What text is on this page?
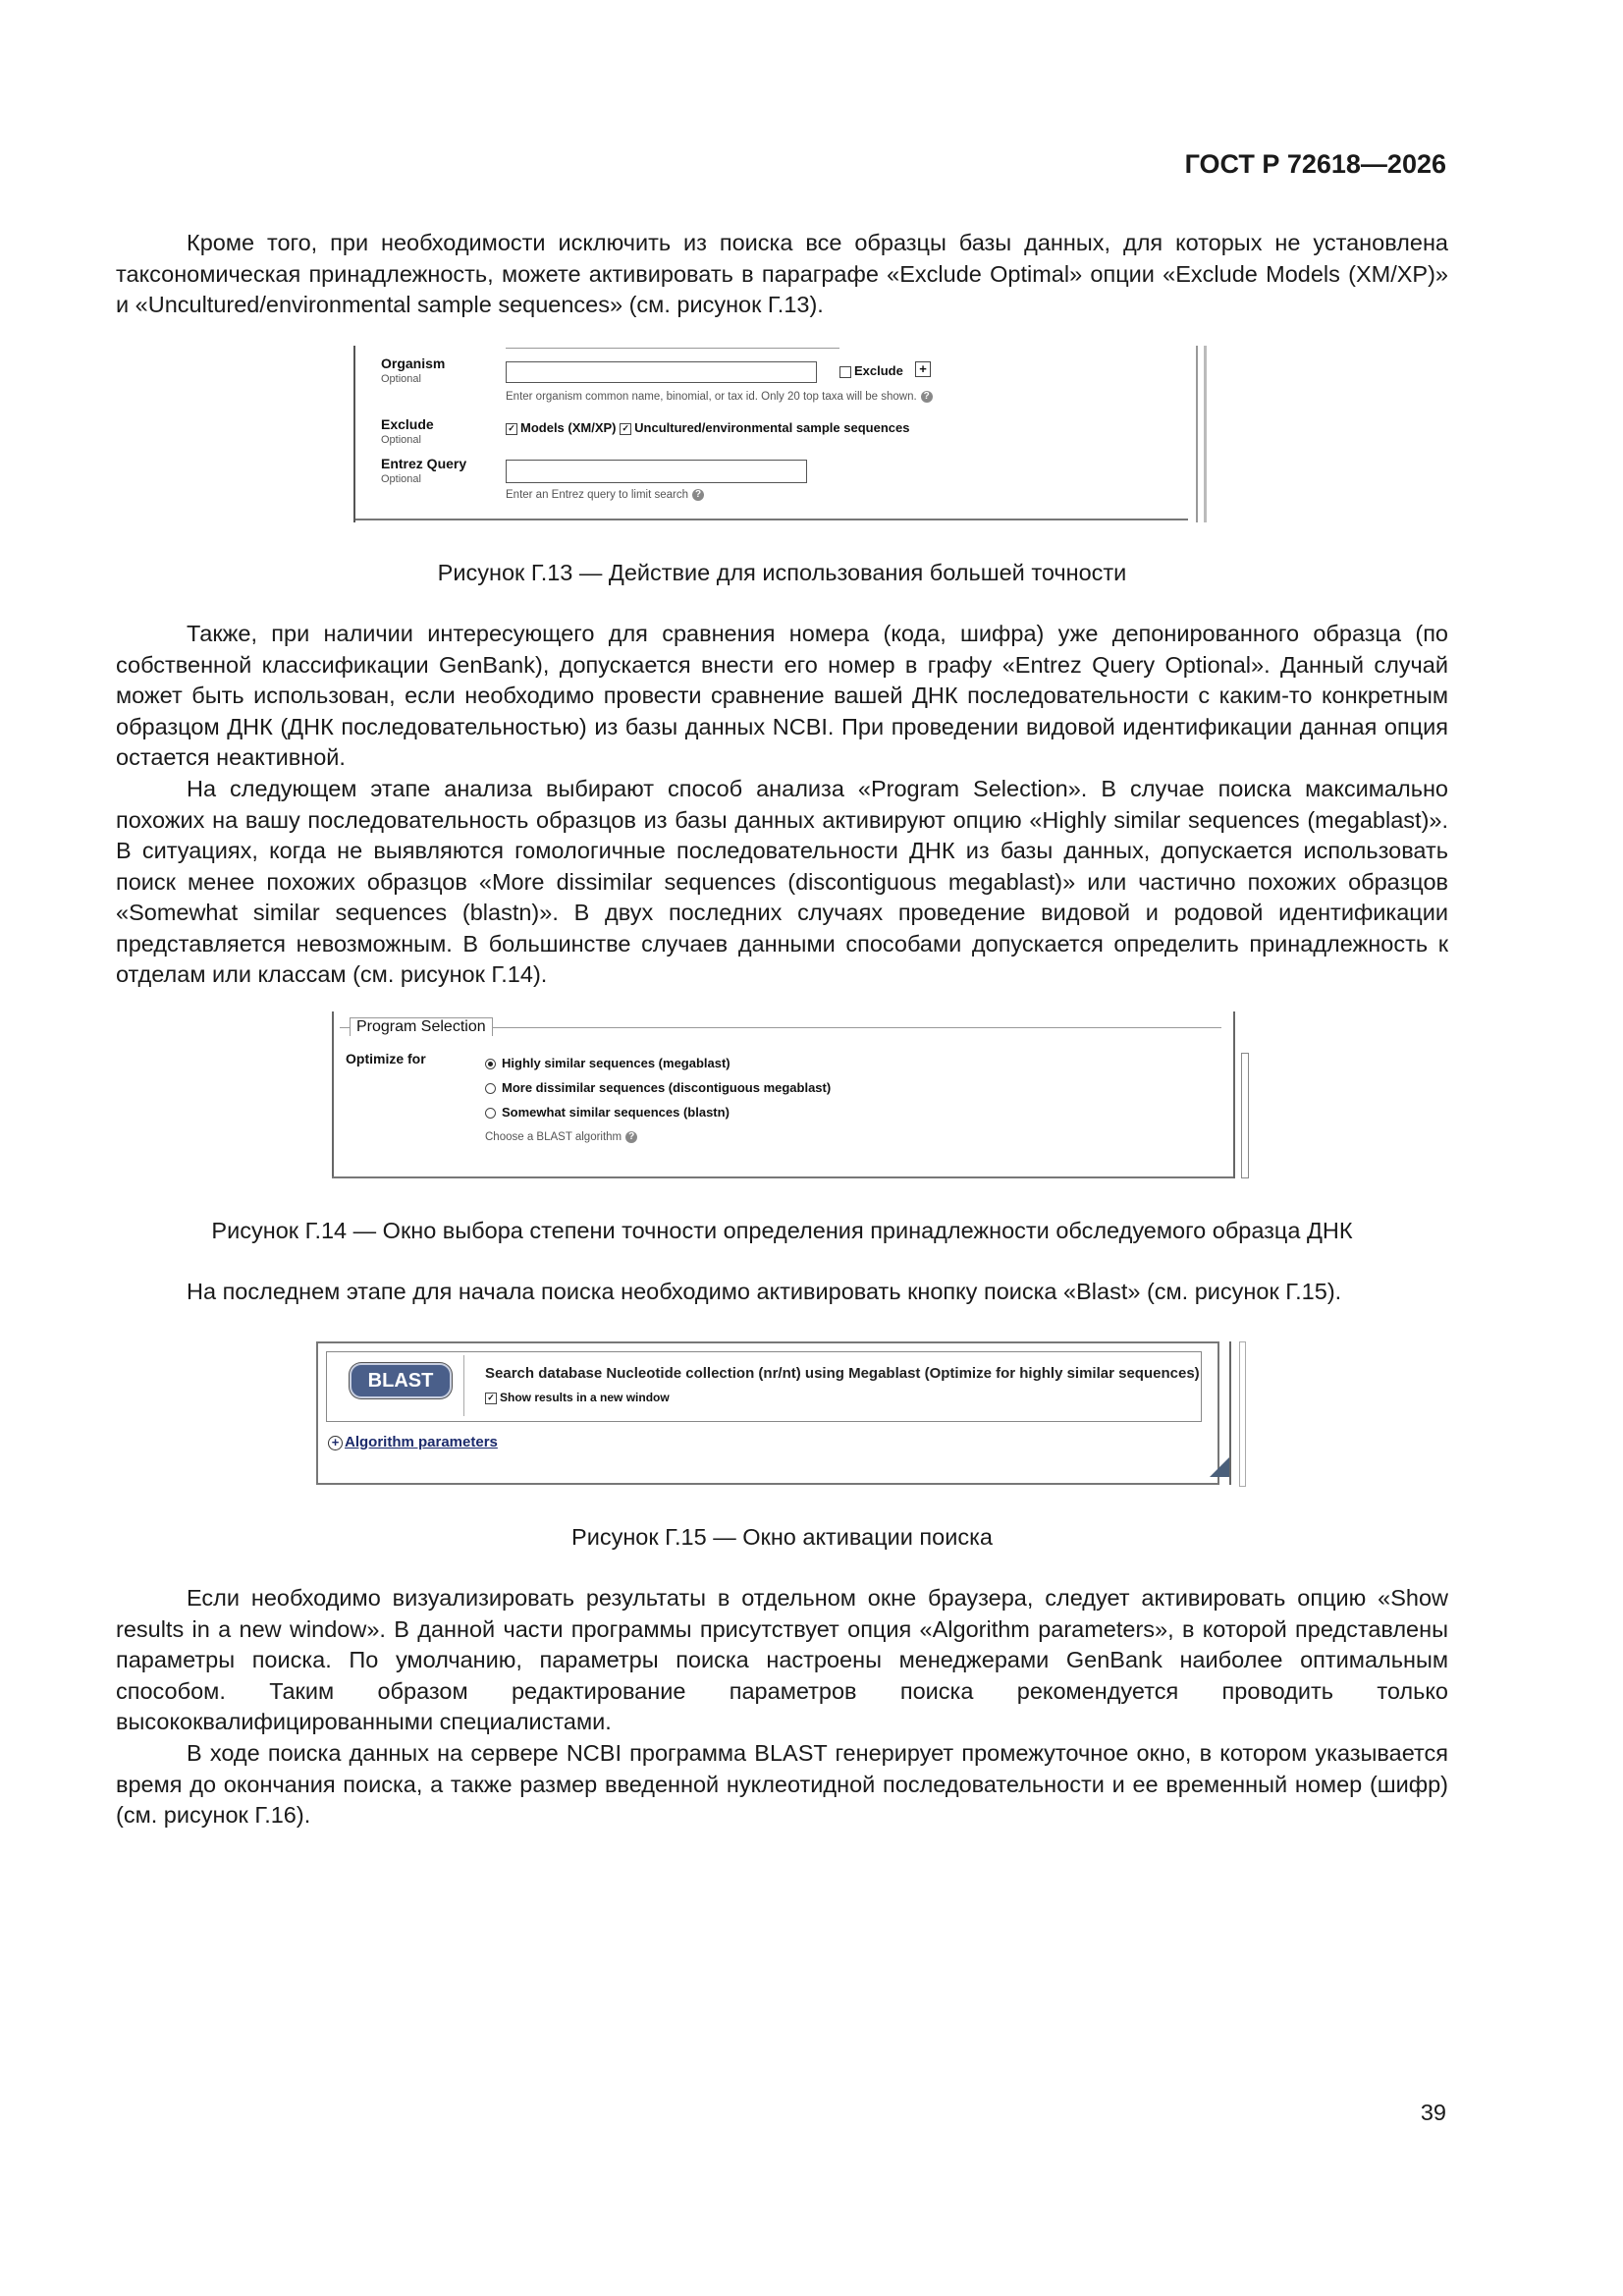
ГОСТ Р 72618—2026

Кроме того, при необходимости исключить из поиска все образцы базы данных, для которых не установлена таксономическая принадлежность, можете активировать в параграфе «Exclude Optimal» опции «Exclude Models (XM/XP)» и «Uncultured/environmental sample sequences» (см. рисунок Г.13).

Organism
Optional
Exclude	+
Enter organism common name, binomial, or tax id. Only 20 top taxa will be shown. ?
Exclude
Optional
✓ Models (XM/XP) ✓ Uncultured/environmental sample sequences
Entrez Query
Optional
Enter an Entrez query to limit search ?
Рисунок Г.13 — Действие для использования большей точности

Также, при наличии интересующего для сравнения номера (кода, шифра) уже депонированного образца (по собственной классификации GenBank), допускается внести его номер в графу «Entrez Query Optional». Данный случай может быть использован, если необходимо провести сравнение вашей ДНК последовательности с каким-то конкретным образцом ДНК (ДНК последовательностью) из базы данных NCBI. При проведении видовой идентификации данная опция остается неактивной.

На следующем этапе анализа выбирают способ анализа «Program Selection». В случае поиска максимально похожих на вашу последовательность образцов из базы данных активируют опцию «Highly similar sequences (megablast)». В ситуациях, когда не выявляются гомологичные последовательности ДНК из базы данных, допускается использовать поиск менее похожих образцов «More dissimilar sequences (discontiguous megablast)» или частично похожих образцов «Somewhat similar sequences (blastn)». В двух последних случаях проведение видовой и родовой идентификации представляется невозможным. В большинстве случаев данными способами допускается определить принадлежность к отделам или классам (см. рисунок Г.14).

Program Selection
Optimize for	Highly similar sequences (megablast)
More dissimilar sequences (discontiguous megablast)
Somewhat similar sequences (blastn)
Choose a BLAST algorithm ?
Рисунок Г.14 — Окно выбора степени точности определения принадлежности обследуемого образца ДНК

На последнем этапе для начала поиска необходимо активировать кнопку поиска «Blast» (см. рисунок Г.15).

BLAST	Search database Nucleotide collection (nr/nt) using Megablast (Optimize for highly similar sequences)
✓ Show results in a new window
+ Algorithm parameters
Рисунок Г.15 — Окно активации поиска

Если необходимо визуализировать результаты в отдельном окне браузера, следует активировать опцию «Show results in a new window». В данной части программы присутствует опция «Algorithm parameters», в которой представлены параметры поиска. По умолчанию, параметры поиска настроены менеджерами GenBank наиболее оптимальным способом. Таким образом редактирование параметров поиска рекомендуется проводить только высококвалифицированными специалистами.

В ходе поиска данных на сервере NCBI программа BLAST генерирует промежуточное окно, в котором указывается время до окончания поиска, а также размер введенной нуклеотидной последовательности и ее временный номер (шифр) (см. рисунок Г.16).

39
